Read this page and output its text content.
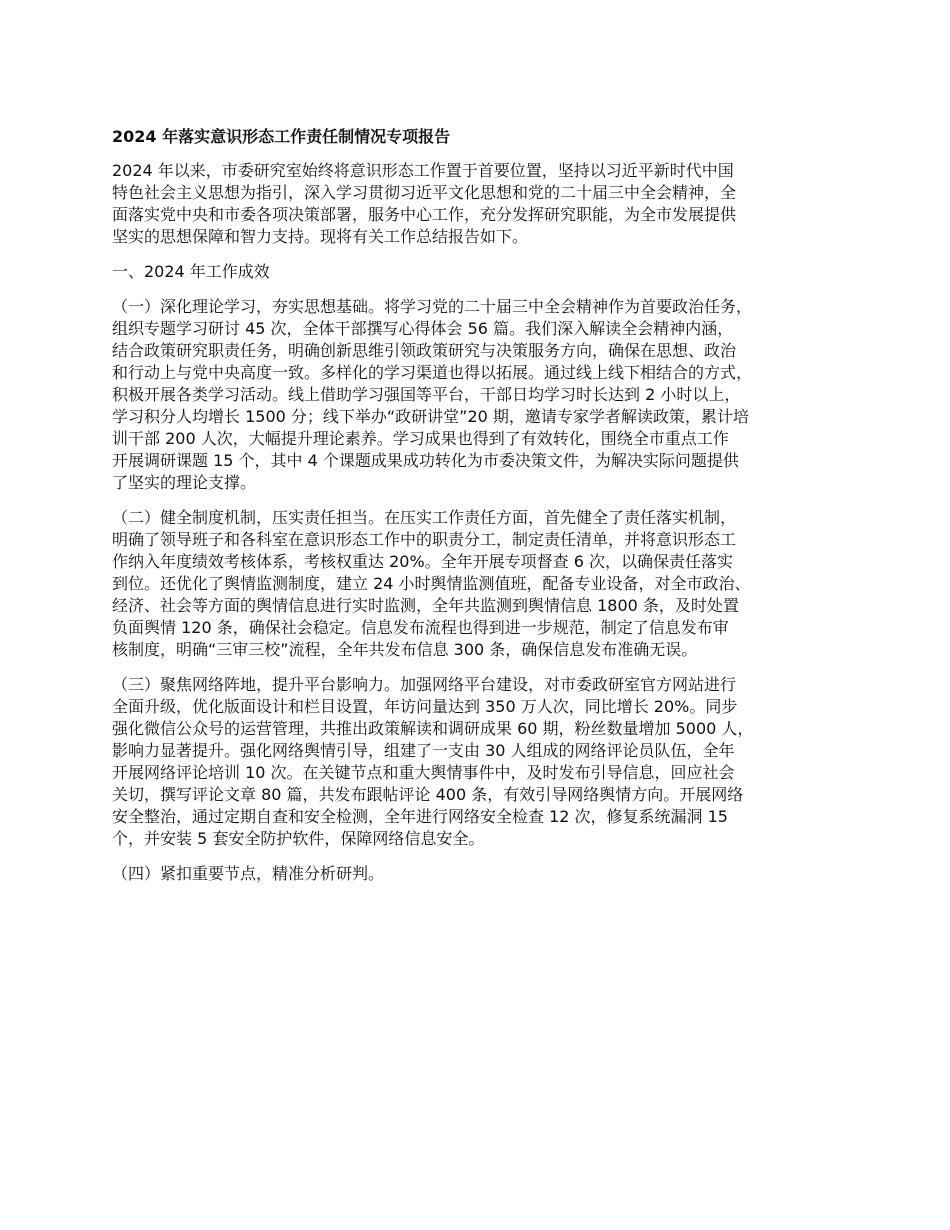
2024 年落实意识形态工作责任制情况专项报告
2024 年以来，市委研究室始终将意识形态工作置于首要位置，坚持以习近平新时代中国
特色社会主义思想为指引，深入学习贯彻习近平文化思想和党的二十届三中全会精神，全
面落实党中央和市委各项决策部署，服务中心工作，充分发挥研究职能，为全市发展提供
坚实的思想保障和智力支持。现将有关工作总结报告如下。
一、2024 年工作成效
（一）深化理论学习，夯实思想基础。将学习党的二十届三中全会精神作为首要政治任务，
组织专题学习研讨 45 次，全体干部撰写心得体会 56 篇。我们深入解读全会精神内涵，
结合政策研究职责任务，明确创新思维引领政策研究与决策服务方向，确保在思想、政治
和行动上与党中央高度一致。多样化的学习渠道也得以拓展。通过线上线下相结合的方式，
积极开展各类学习活动。线上借助学习强国等平台，干部日均学习时长达到 2 小时以上，
学习积分人均增长 1500 分；线下举办“政研讲堂”20 期，邀请专家学者解读政策，累计培
训干部 200 人次，大幅提升理论素养。学习成果也得到了有效转化，围绕全市重点工作
开展调研课题 15 个，其中 4 个课题成果成功转化为市委决策文件，为解决实际问题提供
了坚实的理论支撑。
（二）健全制度机制，压实责任担当。在压实工作责任方面，首先健全了责任落实机制，
明确了领导班子和各科室在意识形态工作中的职责分工，制定责任清单，并将意识形态工
作纳入年度绩效考核体系，考核权重达 20%。全年开展专项督查 6 次，以确保责任落实
到位。还优化了舆情监测制度，建立 24 小时舆情监测值班，配备专业设备，对全市政治、
经济、社会等方面的舆情信息进行实时监测，全年共监测到舆情信息 1800 条，及时处置
负面舆情 120 条，确保社会稳定。信息发布流程也得到进一步规范，制定了信息发布审
核制度，明确“三审三校”流程，全年共发布信息 300 条，确保信息发布准确无误。
（三）聚焦网络阵地，提升平台影响力。加强网络平台建设，对市委政研室官方网站进行
全面升级，优化版面设计和栏目设置，年访问量达到 350 万人次，同比增长 20%。同步
强化微信公众号的运营管理，共推出政策解读和调研成果 60 期，粉丝数量增加 5000 人，
影响力显著提升。强化网络舆情引导，组建了一支由 30 人组成的网络评论员队伍，全年
开展网络评论培训 10 次。在关键节点和重大舆情事件中，及时发布引导信息，回应社会
关切，撰写评论文章 80 篇，共发布跟帖评论 400 条，有效引导网络舆情方向。开展网络
安全整治，通过定期自查和安全检测，全年进行网络安全检查 12 次，修复系统漏洞 15
个，并安装 5 套安全防护软件，保障网络信息安全。
（四）紧扣重要节点，精准分析研判。
